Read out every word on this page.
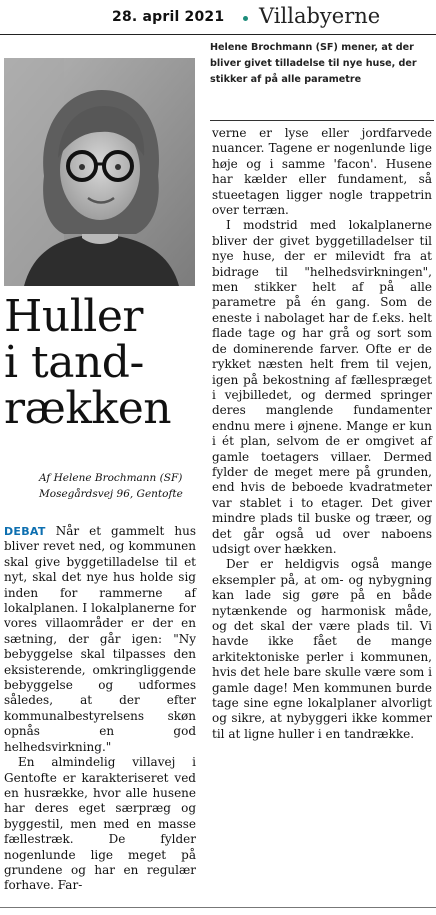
28. april 2021 Villabyerne
Helene Brochmann (SF) mener, at der bliver givet tilladelse til nye huse, der stikker af på alle parametre
Huller
i tand-
rækken
Af Helene Brochmann (SF)
Mosegårdsvej 96, Gentofte

DEBAT Når et gammelt hus bliver revet ned, og kommunen skal give byggetilladelse til et nyt, skal det nye hus holde sig inden for rammerne af lokalplanen. I lokalplanerne for vores villaområder er der en sætning, der går igen: "Ny bebyggelse skal tilpasses den eksisterende, omkringliggende bebyggelse og udformes således, at der efter kommunalbestyrelsens skøn opnås en god helhedsvirkning."

En almindelig villavej i Gentofte er karakteriseret ved en husrække, hvor alle husene har deres eget særpræg og byggestil, men med en masse fællestræk. De fylder nogenlunde lige meget på grundene og har en regulær forhave. Far-

verne er lyse eller jordfarvede nuancer. Tagene er nogenlunde lige høje og i samme 'facon'. Husene har kælder eller fundament, så stueetagen ligger nogle trappetrin over terræn.

I modstrid med lokalplanerne bliver der givet byggetilladelser til nye huse, der er milevidt fra at bidrage til "helhedsvirkningen", men stikker helt af på alle parametre på én gang. Som de eneste i nabolaget har de f.eks. helt flade tage og har grå og sort som de dominerende farver. Ofte er de rykket næsten helt frem til vejen, igen på bekostning af fællespræget i vejbilledet, og dermed springer deres manglende fundamenter endnu mere i øjnene. Mange er kun i ét plan, selvom de er omgivet af gamle toetagers villaer. Dermed fylder de meget mere på grunden, end hvis de beboede kvadratmeter var stablet i to etager. Det giver mindre plads til buske og træer, og det går også ud over naboens udsigt over hækken.

Der er heldigvis også mange eksempler på, at om- og nybygning kan lade sig gøre på en både nytænkende og harmonisk måde, og det skal der være plads til. Vi havde ikke fået de mange arkitektoniske perler i kommunen, hvis det hele bare skulle være som i gamle dage! Men kommunen burde tage sine egne lokalplaner alvorligt og sikre, at nybyggeri ikke kommer til at ligne huller i en tandrække.
